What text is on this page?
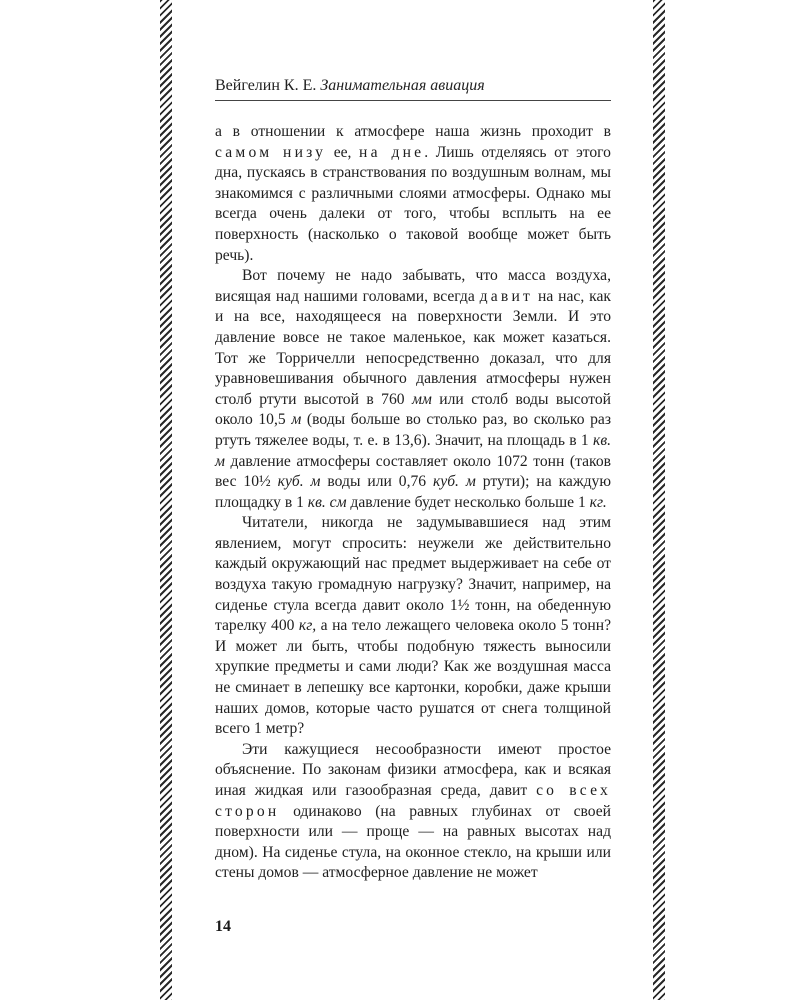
Вейгелин К. Е. Занимательная авиация

а в отношении к атмосфере наша жизнь проходит в самом низу ее, на дне. Лишь отделяясь от этого дна, пускаясь в странствования по воздушным волнам, мы знакомимся с различными слоями атмосферы. Однако мы всегда очень далеки от того, чтобы всплыть на ее поверхность (насколько о таковой вообще может быть речь).

Вот почему не надо забывать, что масса воздуха, висящая над нашими головами, всегда давит на нас, как и на все, находящееся на поверхности Земли. И это давление вовсе не такое маленькое, как может казаться. Тот же Торричелли непосредственно доказал, что для уравновешивания обычного давления атмосферы нужен столб ртути высотой в 760 мм или столб воды высотой около 10,5 м (воды больше во столько раз, во сколько раз ртуть тяжелее воды, т. е. в 13,6). Значит, на площадь в 1 кв. м давление атмосферы составляет около 1072 тонн (таков вес 10½ куб. м воды или 0,76 куб. м ртути); на каждую площадку в 1 кв. см давление будет несколько больше 1 кг.

Читатели, никогда не задумывавшиеся над этим явлением, могут спросить: неужели же действительно каждый окружающий нас предмет выдерживает на себе от воздуха такую громадную нагрузку? Значит, например, на сиденье стула всегда давит около 1½ тонн, на обеденную тарелку 400 кг, а на тело лежащего человека около 5 тонн? И может ли быть, чтобы подобную тяжесть выносили хрупкие предметы и сами люди? Как же воздушная масса не сминает в лепешку все картонки, коробки, даже крыши наших домов, которые часто рушатся от снега толщиной всего 1 метр?

Эти кажущиеся несообразности имеют простое объяснение. По законам физики атмосфера, как и всякая иная жидкая или газообразная среда, давит со всех сторон одинаково (на равных глубинах от своей поверхности или — проще — на равных высотах над дном). На сиденье стула, на оконное стекло, на крыши или стены домов — атмосферное давление не может

14
